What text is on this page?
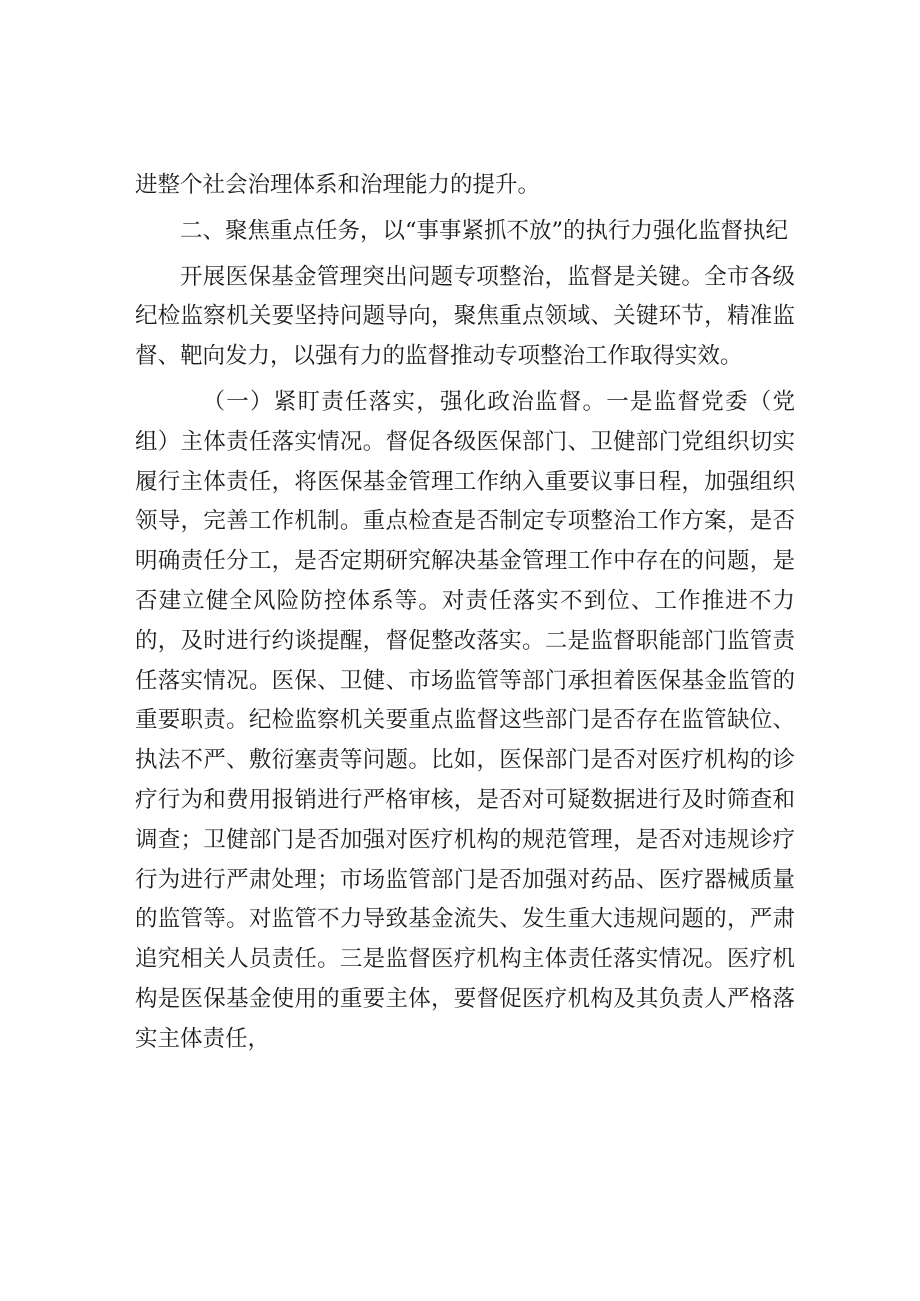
进整个社会治理体系和治理能力的提升。

二、聚焦重点任务，以“事事紧抓不放”的执行力强化监督执纪

开展医保基金管理突出问题专项整治，监督是关键。全市各级纪检监察机关要坚持问题导向，聚焦重点领域、关键环节，精准监督、靶向发力，以强有力的监督推动专项整治工作取得实效。

（一）紧盯责任落实，强化政治监督。一是监督党委（党组）主体责任落实情况。督促各级医保部门、卫健部门党组织切实履行主体责任，将医保基金管理工作纳入重要议事日程，加强组织领导，完善工作机制。重点检查是否制定专项整治工作方案，是否明确责任分工，是否定期研究解决基金管理工作中存在的问题，是否建立健全风险防控体系等。对责任落实不到位、工作推进不力的，及时进行约谈提醒，督促整改落实。二是监督职能部门监管责任落实情况。医保、卫健、市场监管等部门承担着医保基金监管的重要职责。纪检监察机关要重点监督这些部门是否存在监管缺位、执法不严、敷衍塞责等问题。比如，医保部门是否对医疗机构的诊疗行为和费用报销进行严格审核，是否对可疑数据进行及时筛查和调查；卫健部门是否加强对医疗机构的规范管理，是否对违规诊疗行为进行严肃处理；市场监管部门是否加强对药品、医疗器械质量的监管等。对监管不力导致基金流失、发生重大违规问题的，严肃追究相关人员责任。三是监督医疗机构主体责任落实情况。医疗机构是医保基金使用的重要主体，要督促医疗机构及其负责人严格落实主体责任，
